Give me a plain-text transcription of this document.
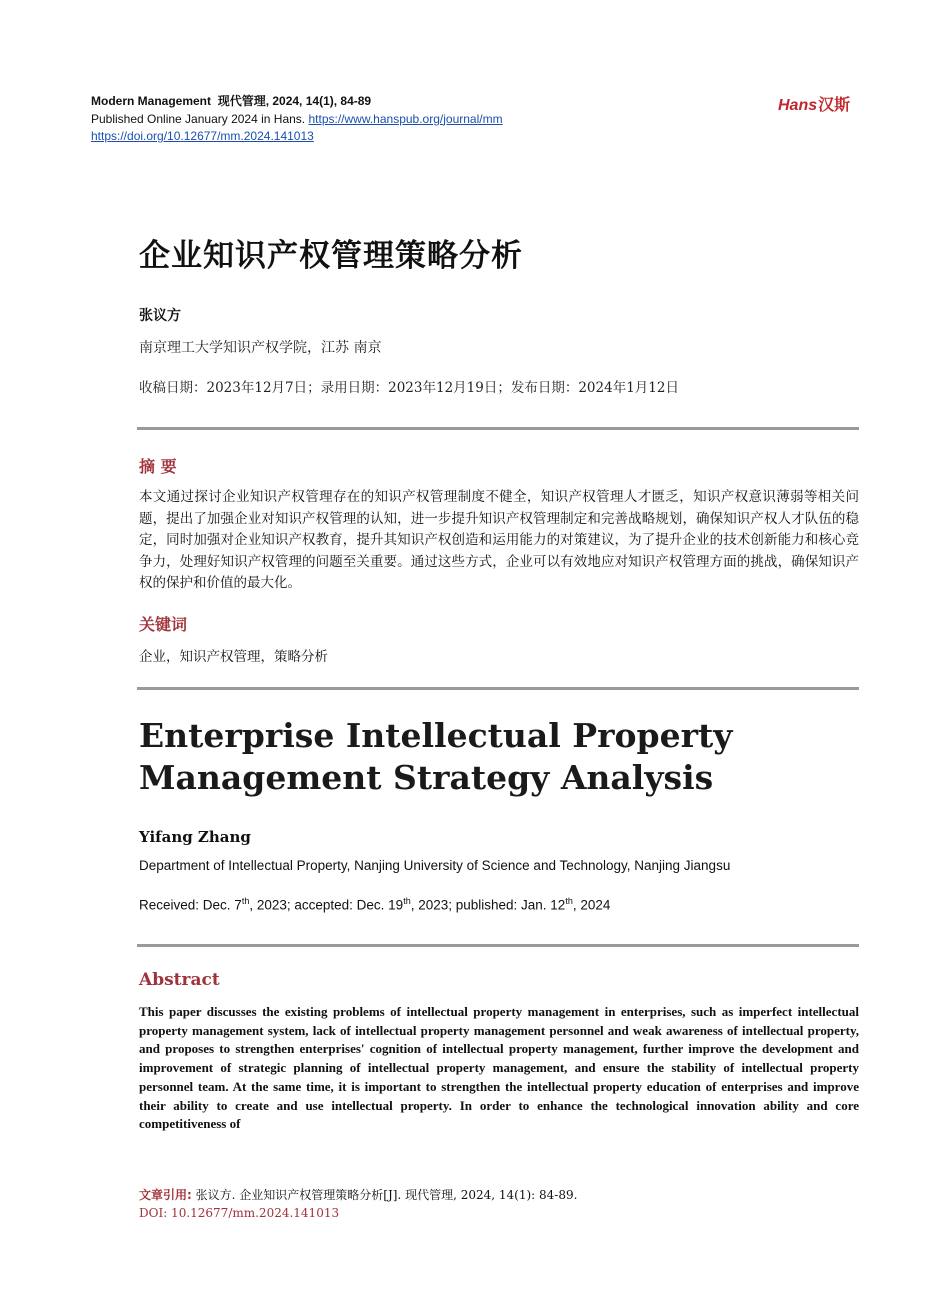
Modern Management 现代管理, 2024, 14(1), 84-89
Published Online January 2024 in Hans. https://www.hanspub.org/journal/mm
https://doi.org/10.12677/mm.2024.141013
Hans 汉斯
企业知识产权管理策略分析
张议方
南京理工大学知识产权学院，江苏 南京
收稿日期：2023年12月7日；录用日期：2023年12月19日；发布日期：2024年1月12日
摘 要
本文通过探讨企业知识产权管理存在的知识产权管理制度不健全，知识产权管理人才匮乏，知识产权意识薄弱等相关问题，提出了加强企业对知识产权管理的认知，进一步提升知识产权管理制定和完善战略规划，确保知识产权人才队伍的稳定，同时加强对企业知识产权教育，提升其知识产权创造和运用能力的对策建议，为了提升企业的技术创新能力和核心竞争力，处理好知识产权管理的问题至关重要。通过这些方式，企业可以有效地应对知识产权管理方面的挑战，确保知识产权的保护和价值的最大化。
关键词
企业，知识产权管理，策略分析
Enterprise Intellectual Property
Management Strategy Analysis
Yifang Zhang
Department of Intellectual Property, Nanjing University of Science and Technology, Nanjing Jiangsu
Received: Dec. 7th, 2023; accepted: Dec. 19th, 2023; published: Jan. 12th, 2024
Abstract
This paper discusses the existing problems of intellectual property management in enterprises, such as imperfect intellectual property management system, lack of intellectual property management personnel and weak awareness of intellectual property, and proposes to strengthen enterprises' cognition of intellectual property management, further improve the development and improvement of strategic planning of intellectual property management, and ensure the stability of intellectual property personnel team. At the same time, it is important to strengthen the intellectual property education of enterprises and improve their ability to create and use intellectual property. In order to enhance the technological innovation ability and core competitiveness of
文章引用: 张议方. 企业知识产权管理策略分析[J]. 现代管理, 2024, 14(1): 84-89.
DOI: 10.12677/mm.2024.141013
